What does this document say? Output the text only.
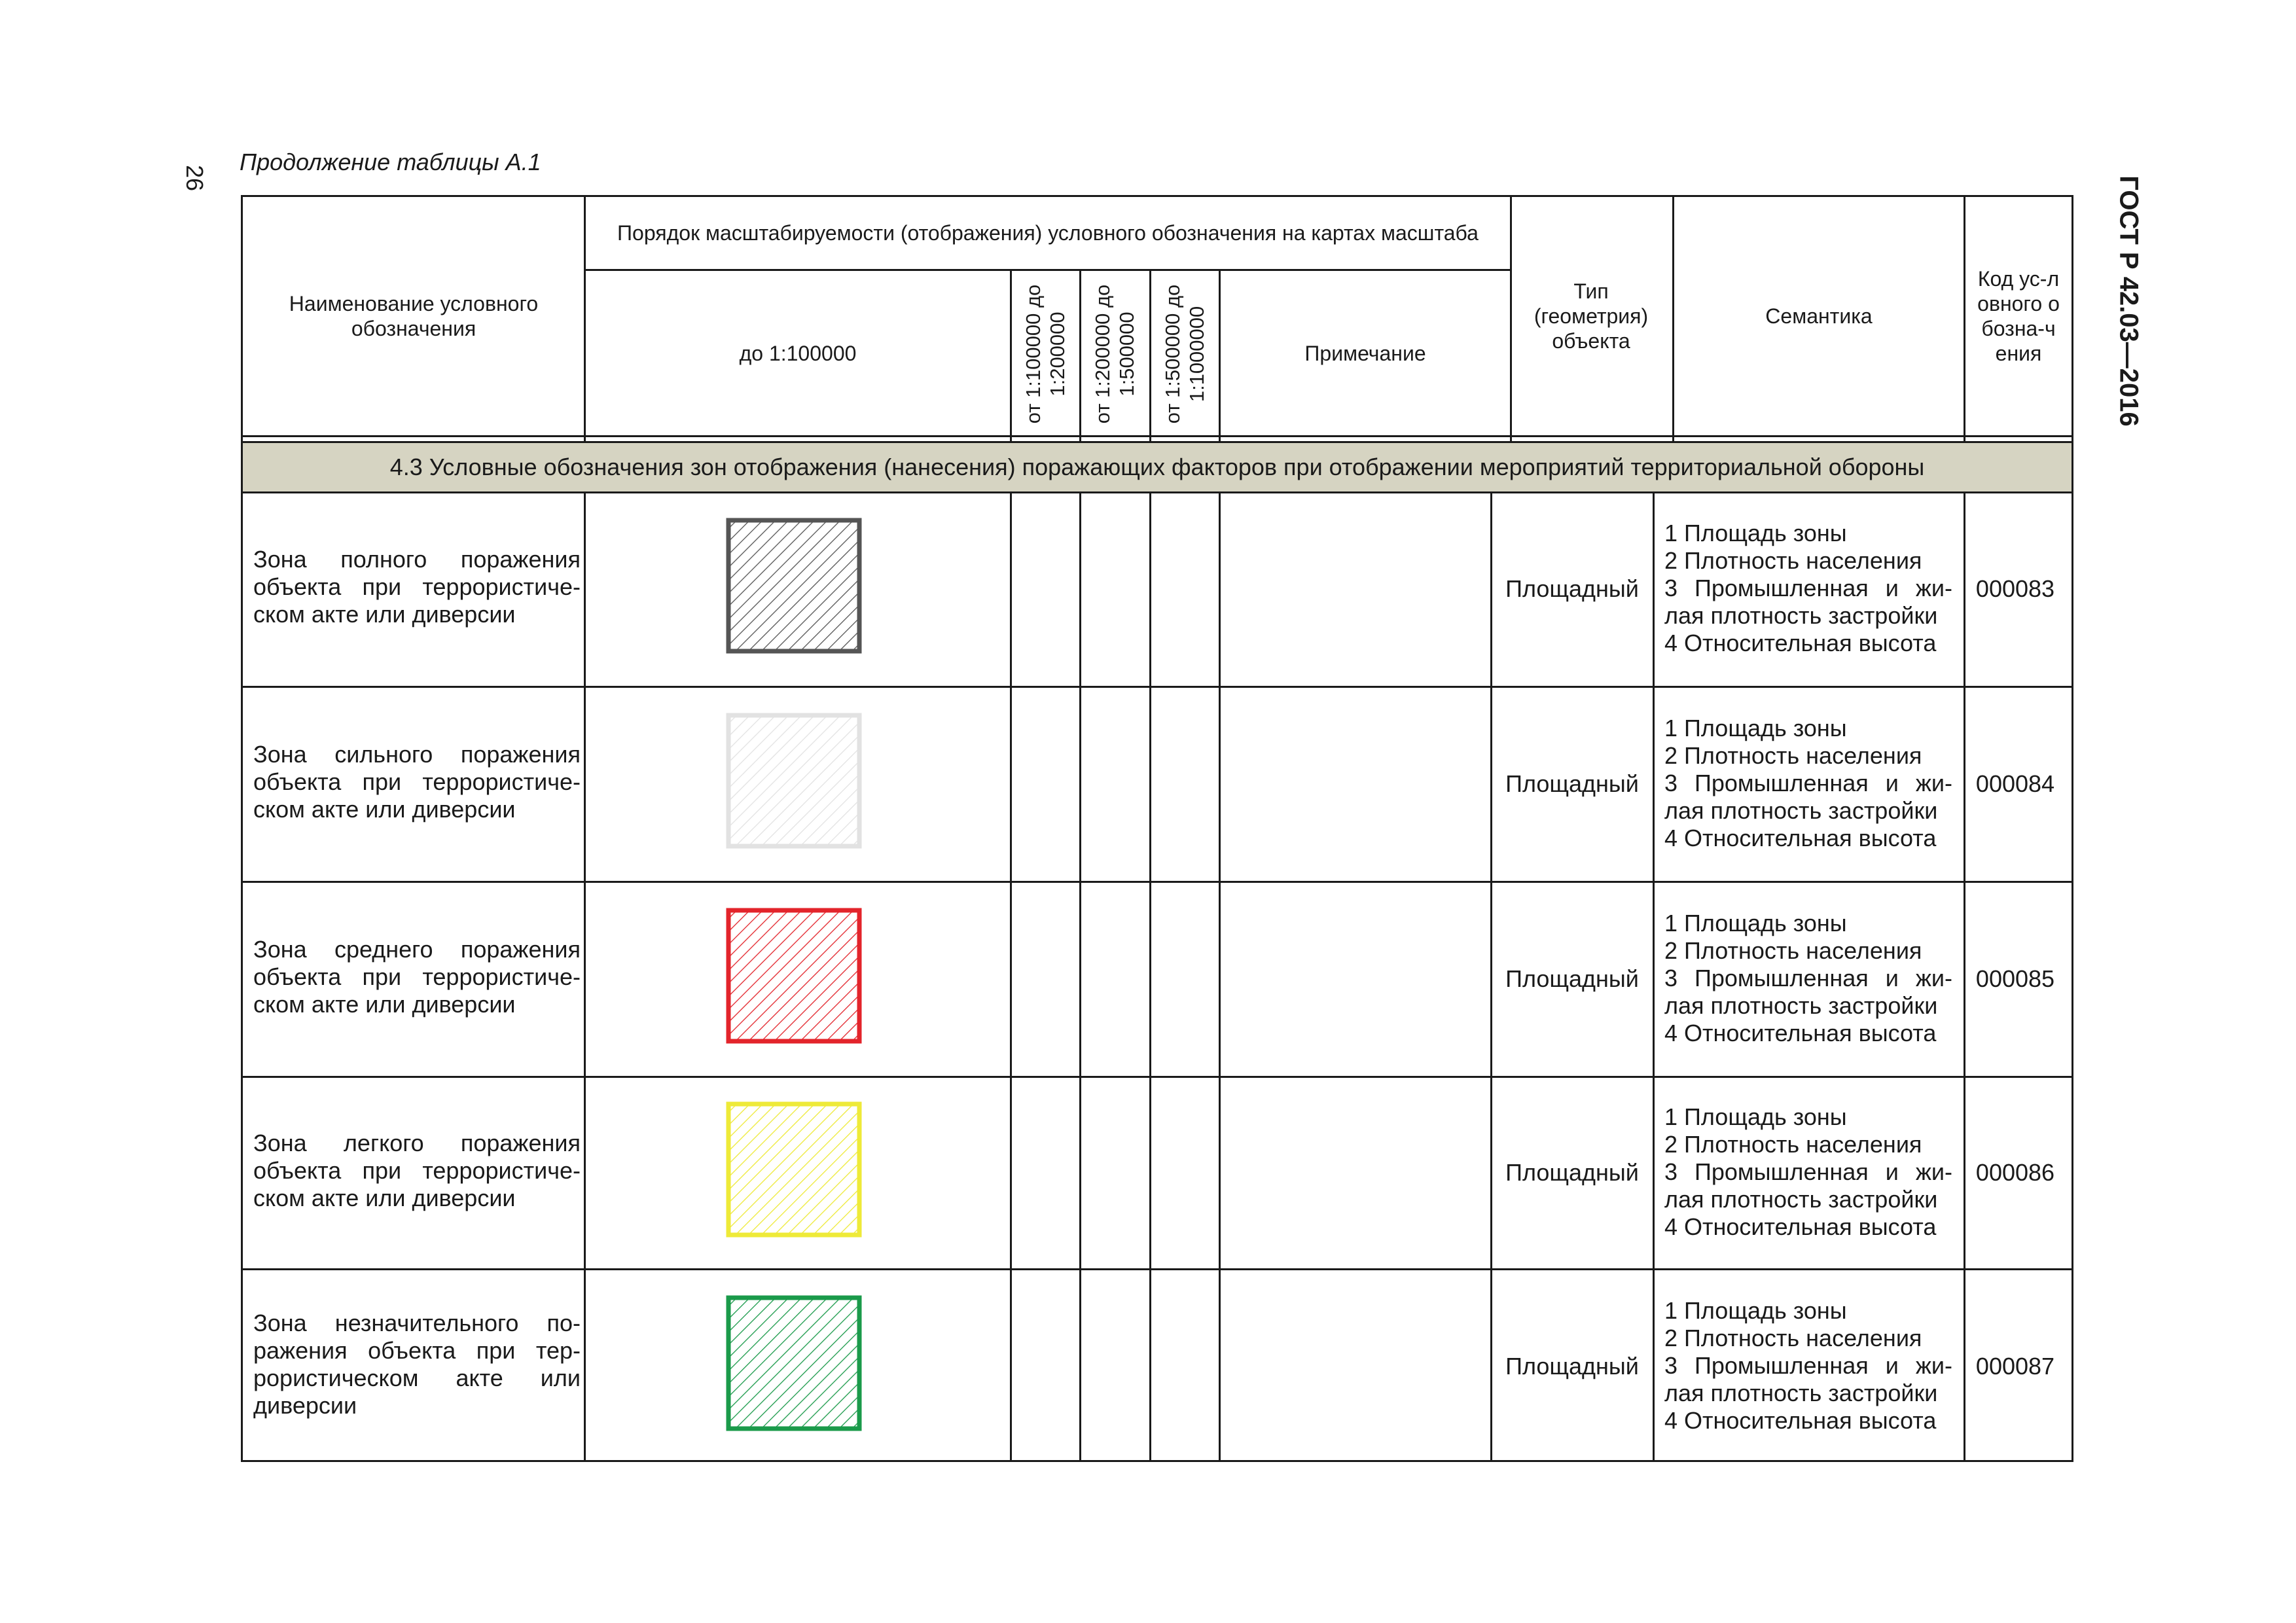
26
Продолжение таблицы А.1
ГОСТ Р 42.03—2016
Наименование условного обозначения
Порядок масштабируемости (отображения) условного обозначения на картах масштаба
до 1:100000	от 1:100000 до 1:200000 от 1:200000 до 1:500000 от 1:500000 до 1:1000000	Примечание
Тип (геометрия) объекта
Семантика
Код ус-ловного обозна-чения
4.3 Условные обозначения зон отображения (нанесения) поражающих факторов при отображении мероприятий территориальной обороны
Зона полного поражения объекта при террористиче-ском акте или диверсии
Площадный
1 Площадь зоны
2 Плотность населения
3 Промышленная и жи-лая плотность застройки
4 Относительная высота
000083
Зона сильного поражения объекта при террористиче-ском акте или диверсии
Площадный
1 Площадь зоны
2 Плотность населения
3 Промышленная и жи-лая плотность застройки
4 Относительная высота
000084
Зона среднего поражения объекта при террористиче-ском акте или диверсии
Площадный
1 Площадь зоны
2 Плотность населения
3 Промышленная и жи-лая плотность застройки
4 Относительная высота
000085
Зона легкого поражения объекта при террористиче-ском акте или диверсии
Площадный
1 Площадь зоны
2 Плотность населения
3 Промышленная и жи-лая плотность застройки
4 Относительная высота
000086
Зона незначительного по-ражения объекта при тер-рористическом акте или диверсии
Площадный
1 Площадь зоны
2 Плотность населения
3 Промышленная и жи-лая плотность застройки
4 Относительная высота
000087
